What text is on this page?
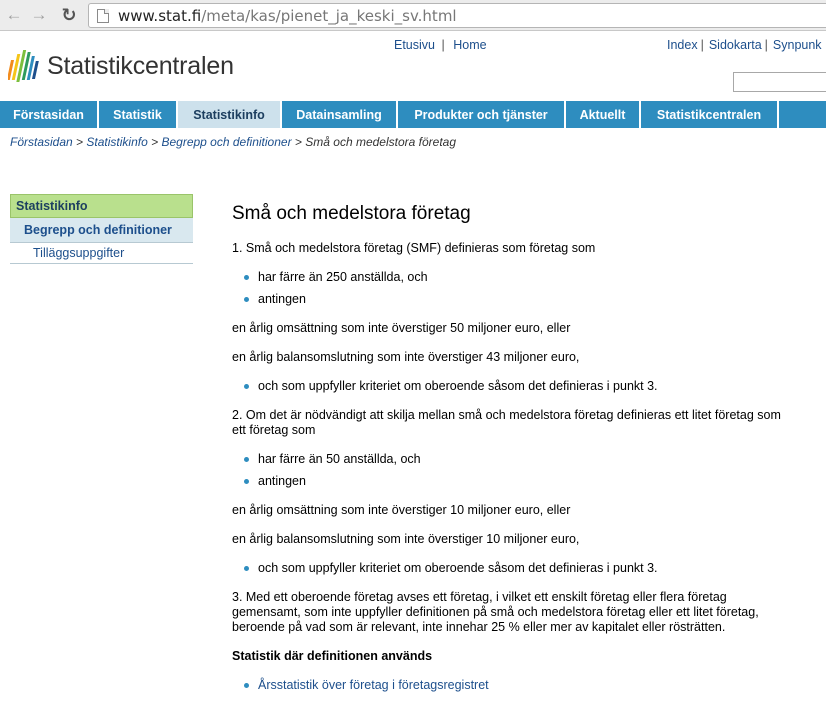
← → ↻	www.stat.fi/meta/kas/pienet_ja_keski_sv.html
Statistikcentralen
Etusivu | Home	Index | Sidokarta | Synpunk
Förstasidan	Statistik	Statistikinfo	Datainsamling	Produkter och tjänster	Aktuellt	Statistikcentralen
Förstasidan > Statistikinfo > Begrepp och definitioner > Små och medelstora företag
Statistikinfo
Begrepp och definitioner
Tilläggsuppgifter
Små och medelstora företag

1. Små och medelstora företag (SMF) definieras som företag som

har färre än 250 anställda, och
antingen

en årlig omsättning som inte överstiger 50 miljoner euro, eller

en årlig balansomslutning som inte överstiger 43 miljoner euro,

och som uppfyller kriteriet om oberoende såsom det definieras i punkt 3.

2. Om det är nödvändigt att skilja mellan små och medelstora företag definieras ett litet företag som ett företag som

har färre än 50 anställda, och
antingen

en årlig omsättning som inte överstiger 10 miljoner euro, eller

en årlig balansomslutning som inte överstiger 10 miljoner euro,

och som uppfyller kriteriet om oberoende såsom det definieras i punkt 3.

3. Med ett oberoende företag avses ett företag, i vilket ett enskilt företag eller flera företag gemensamt, som inte uppfyller definitionen på små och medelstora företag eller ett litet företag, beroende på vad som är relevant, inte innehar 25 % eller mer av kapitalet eller rösträtten.

Statistik där definitionen används
Årsstatistik över företag i företagsregistret
